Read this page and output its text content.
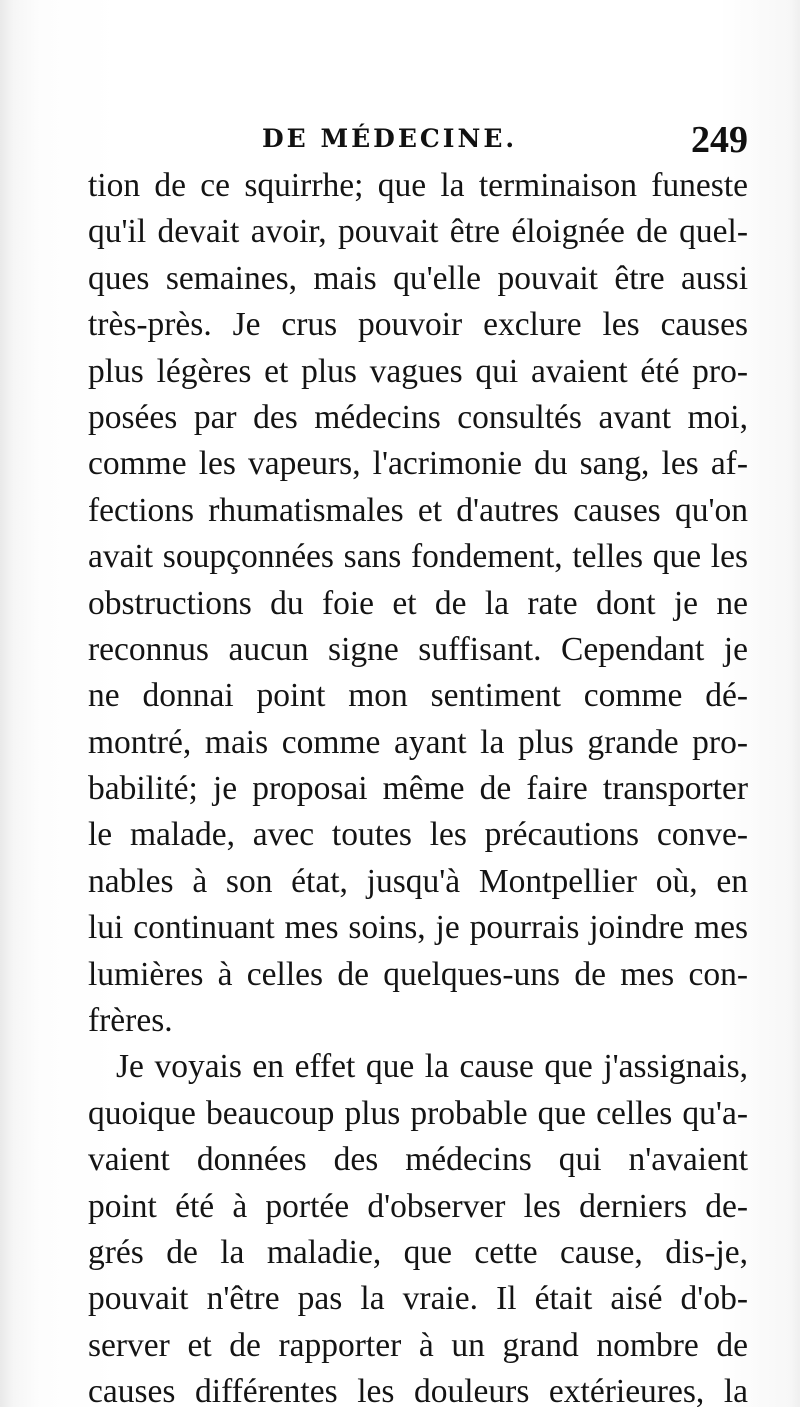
DE MÉDECINE.	249
tion de ce squirrhe; que la terminaison funeste
qu'il devait avoir, pouvait être éloignée de quel-
ques semaines, mais qu'elle pouvait être aussi
très-près. Je crus pouvoir exclure les causes
plus légères et plus vagues qui avaient été pro-
posées par des médecins consultés avant moi,
comme les vapeurs, l'acrimonie du sang, les af-
fections rhumatismales et d'autres causes qu'on
avait soupçonnées sans fondement, telles que les
obstructions du foie et de la rate dont je ne
reconnus aucun signe suffisant. Cependant je
ne donnai point mon sentiment comme dé-
montré, mais comme ayant la plus grande pro-
babilité; je proposai même de faire transporter
le malade, avec toutes les précautions conve-
nables à son état, jusqu'à Montpellier où, en
lui continuant mes soins, je pourrais joindre mes
lumières à celles de quelques-uns de mes con-
frères.
Je voyais en effet que la cause que j'assignais,
quoique beaucoup plus probable que celles qu'a-
vaient données des médecins qui n'avaient
point été à portée d'observer les derniers de-
grés de la maladie, que cette cause, dis-je,
pouvait n'être pas la vraie. Il était aisé d'ob-
server et de rapporter à un grand nombre de
causes différentes les douleurs extérieures, la
